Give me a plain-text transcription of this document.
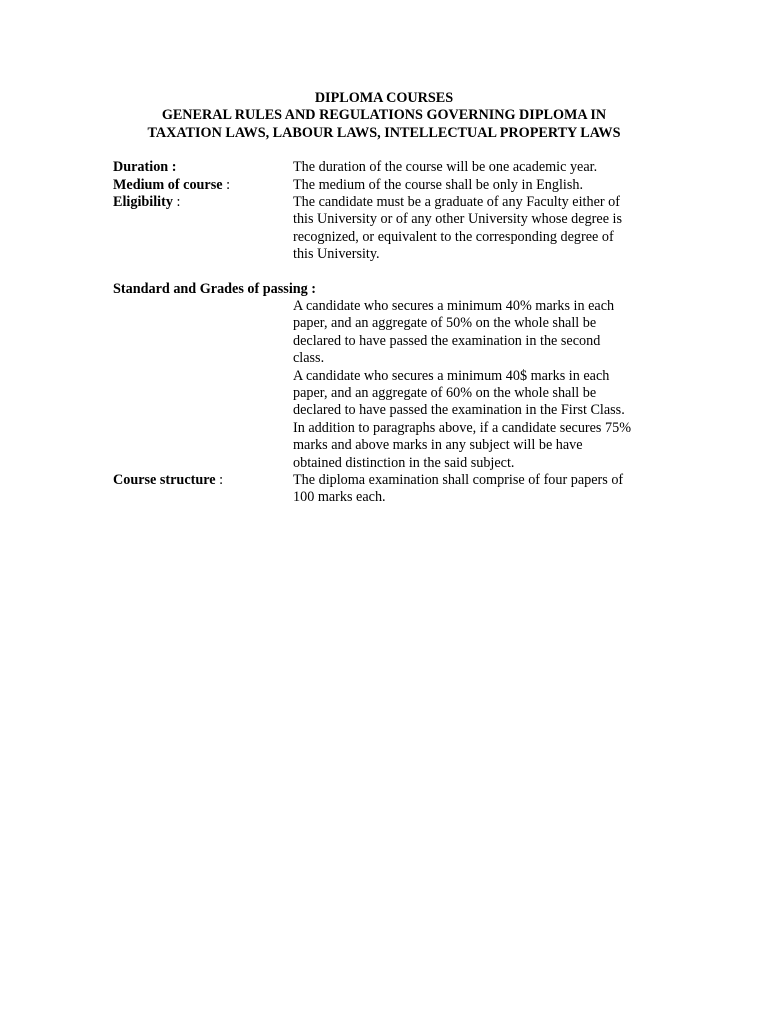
DIPLOMA COURSES
GENERAL RULES AND REGULATIONS GOVERNING DIPLOMA IN
TAXATION LAWS, LABOUR LAWS, INTELLECTUAL PROPERTY LAWS
Duration :	The duration of the course will be one academic year.
Medium of course :	The medium of the course shall be only in English.
Eligibility :	The candidate must be a graduate of any Faculty either of
this University or of any other University whose degree is
recognized, or equivalent to the corresponding degree of
this University.
Standard and Grades of passing :
A candidate who secures a minimum 40% marks in each
paper, and an aggregate of 50% on the whole shall be
declared to have passed the examination in the second
class.
A candidate who secures a minimum 40$ marks in each
paper, and an aggregate of 60% on the whole shall be
declared to have passed the examination in the First Class.
In addition to paragraphs above, if a candidate secures 75%
marks and above marks in any subject will be have
obtained distinction in the said subject.
Course structure :	The diploma examination shall comprise of four papers of
100 marks each.
